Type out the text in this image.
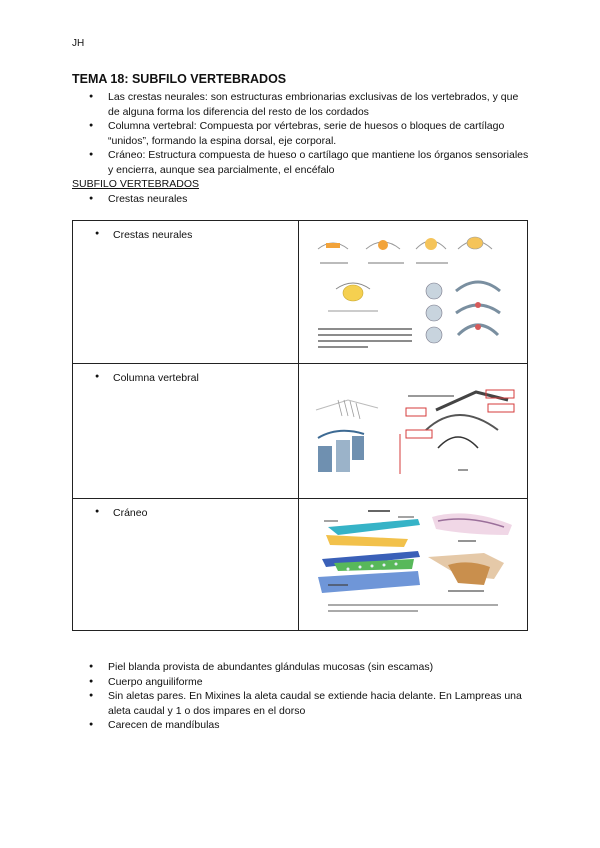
JH
TEMA 18: SUBFILO VERTEBRADOS
● Las crestas neurales: son estructuras embrionarias exclusivas de los vertebrados, y que de alguna forma los diferencia del resto de los cordados
● Columna vertebral: Compuesta por vértebras, serie de huesos o bloques de cartílago “unidos”, formando la espina dorsal, eje corporal.
● Cráneo: Estructura compuesta de hueso o cartílago que mantiene los órganos sensoriales y encierra, aunque sea parcialmente, el encéfalo
SUBFILO VERTEBRADOS
● Crestas neurales
● Crestas neurales

● Columna vertebral

● Cráneo

● Piel blanda provista de abundantes glándulas mucosas (sin escamas)
● Cuerpo anguiliforme
● Sin aletas pares. En Mixines la aleta caudal se extiende hacia delante. En Lampreas una aleta caudal y 1 o dos impares en el dorso
● Carecen de mandíbulas
